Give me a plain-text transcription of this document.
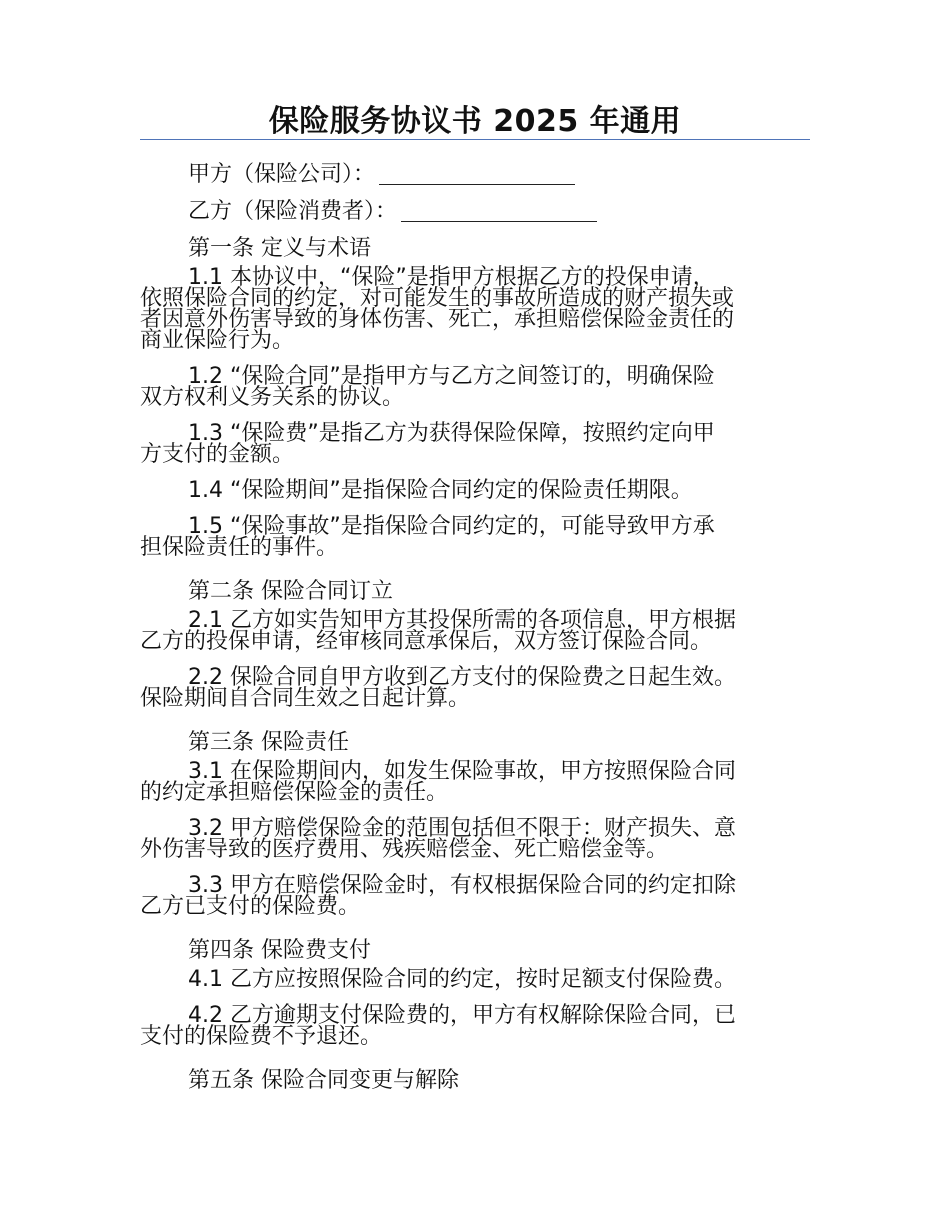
保险服务协议书 2025 年通用
甲方（保险公司）：
乙方（保险消费者）：
第一条 定义与术语
1.1 本协议中，“保险”是指甲方根据乙方的投保申请，
依照保险合同的约定，对可能发生的事故所造成的财产损失或
者因意外伤害导致的身体伤害、死亡，承担赔偿保险金责任的
商业保险行为。
1.2 “保险合同”是指甲方与乙方之间签订的，明确保险
双方权利义务关系的协议。
1.3 “保险费”是指乙方为获得保险保障，按照约定向甲
方支付的金额。
1.4 “保险期间”是指保险合同约定的保险责任期限。
1.5 “保险事故”是指保险合同约定的，可能导致甲方承
担保险责任的事件。
第二条 保险合同订立
2.1 乙方如实告知甲方其投保所需的各项信息，甲方根据
乙方的投保申请，经审核同意承保后，双方签订保险合同。
2.2 保险合同自甲方收到乙方支付的保险费之日起生效。
保险期间自合同生效之日起计算。
第三条 保险责任
3.1 在保险期间内，如发生保险事故，甲方按照保险合同
的约定承担赔偿保险金的责任。
3.2 甲方赔偿保险金的范围包括但不限于：财产损失、意
外伤害导致的医疗费用、残疾赔偿金、死亡赔偿金等。
3.3 甲方在赔偿保险金时，有权根据保险合同的约定扣除
乙方已支付的保险费。
第四条 保险费支付
4.1 乙方应按照保险合同的约定，按时足额支付保险费。
4.2 乙方逾期支付保险费的，甲方有权解除保险合同，已
支付的保险费不予退还。
第五条 保险合同变更与解除
